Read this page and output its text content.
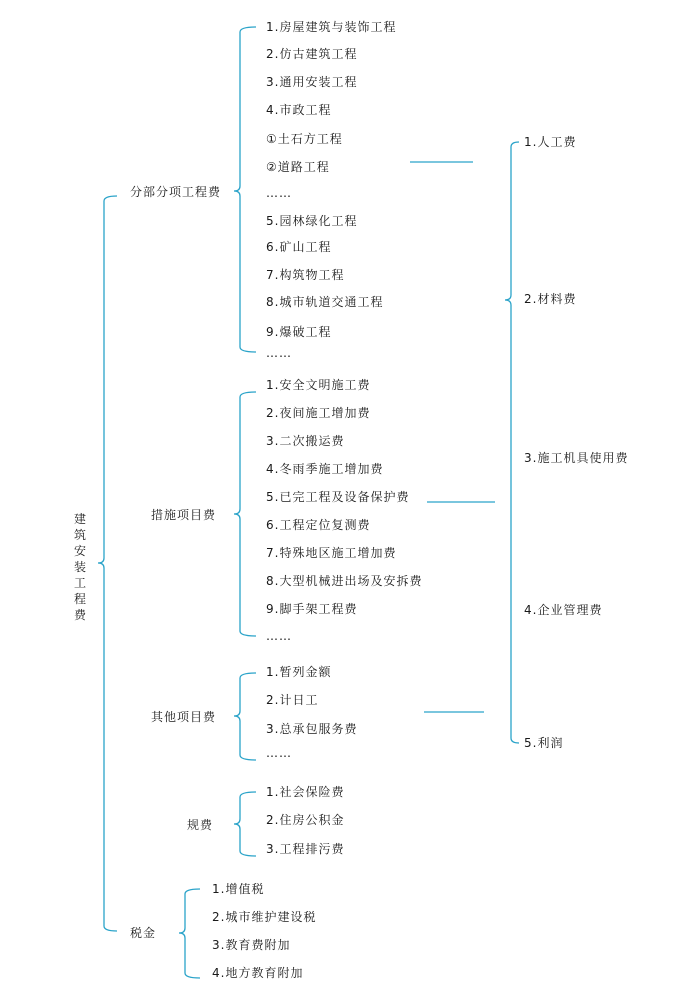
建筑安装工程费
分部分项工程费
措施项目费
其他项目费
规费
税金
1.房屋建筑与装饰工程
2.仿古建筑工程
3.通用安装工程
4.市政工程
①土石方工程
②道路工程
……
5.园林绿化工程
6.矿山工程
7.构筑物工程
8.城市轨道交通工程
9.爆破工程
……
1.安全文明施工费
2.夜间施工增加费
3.二次搬运费
4.冬雨季施工增加费
5.已完工程及设备保护费
6.工程定位复测费
7.特殊地区施工增加费
8.大型机械进出场及安拆费
9.脚手架工程费
……
1.暂列金额
2.计日工
3.总承包服务费
……
1.社会保险费
2.住房公积金
3.工程排污费
1.增值税
2.城市维护建设税
3.教育费附加
4.地方教育附加
1.人工费
2.材料费
3.施工机具使用费
4.企业管理费
5.利润
